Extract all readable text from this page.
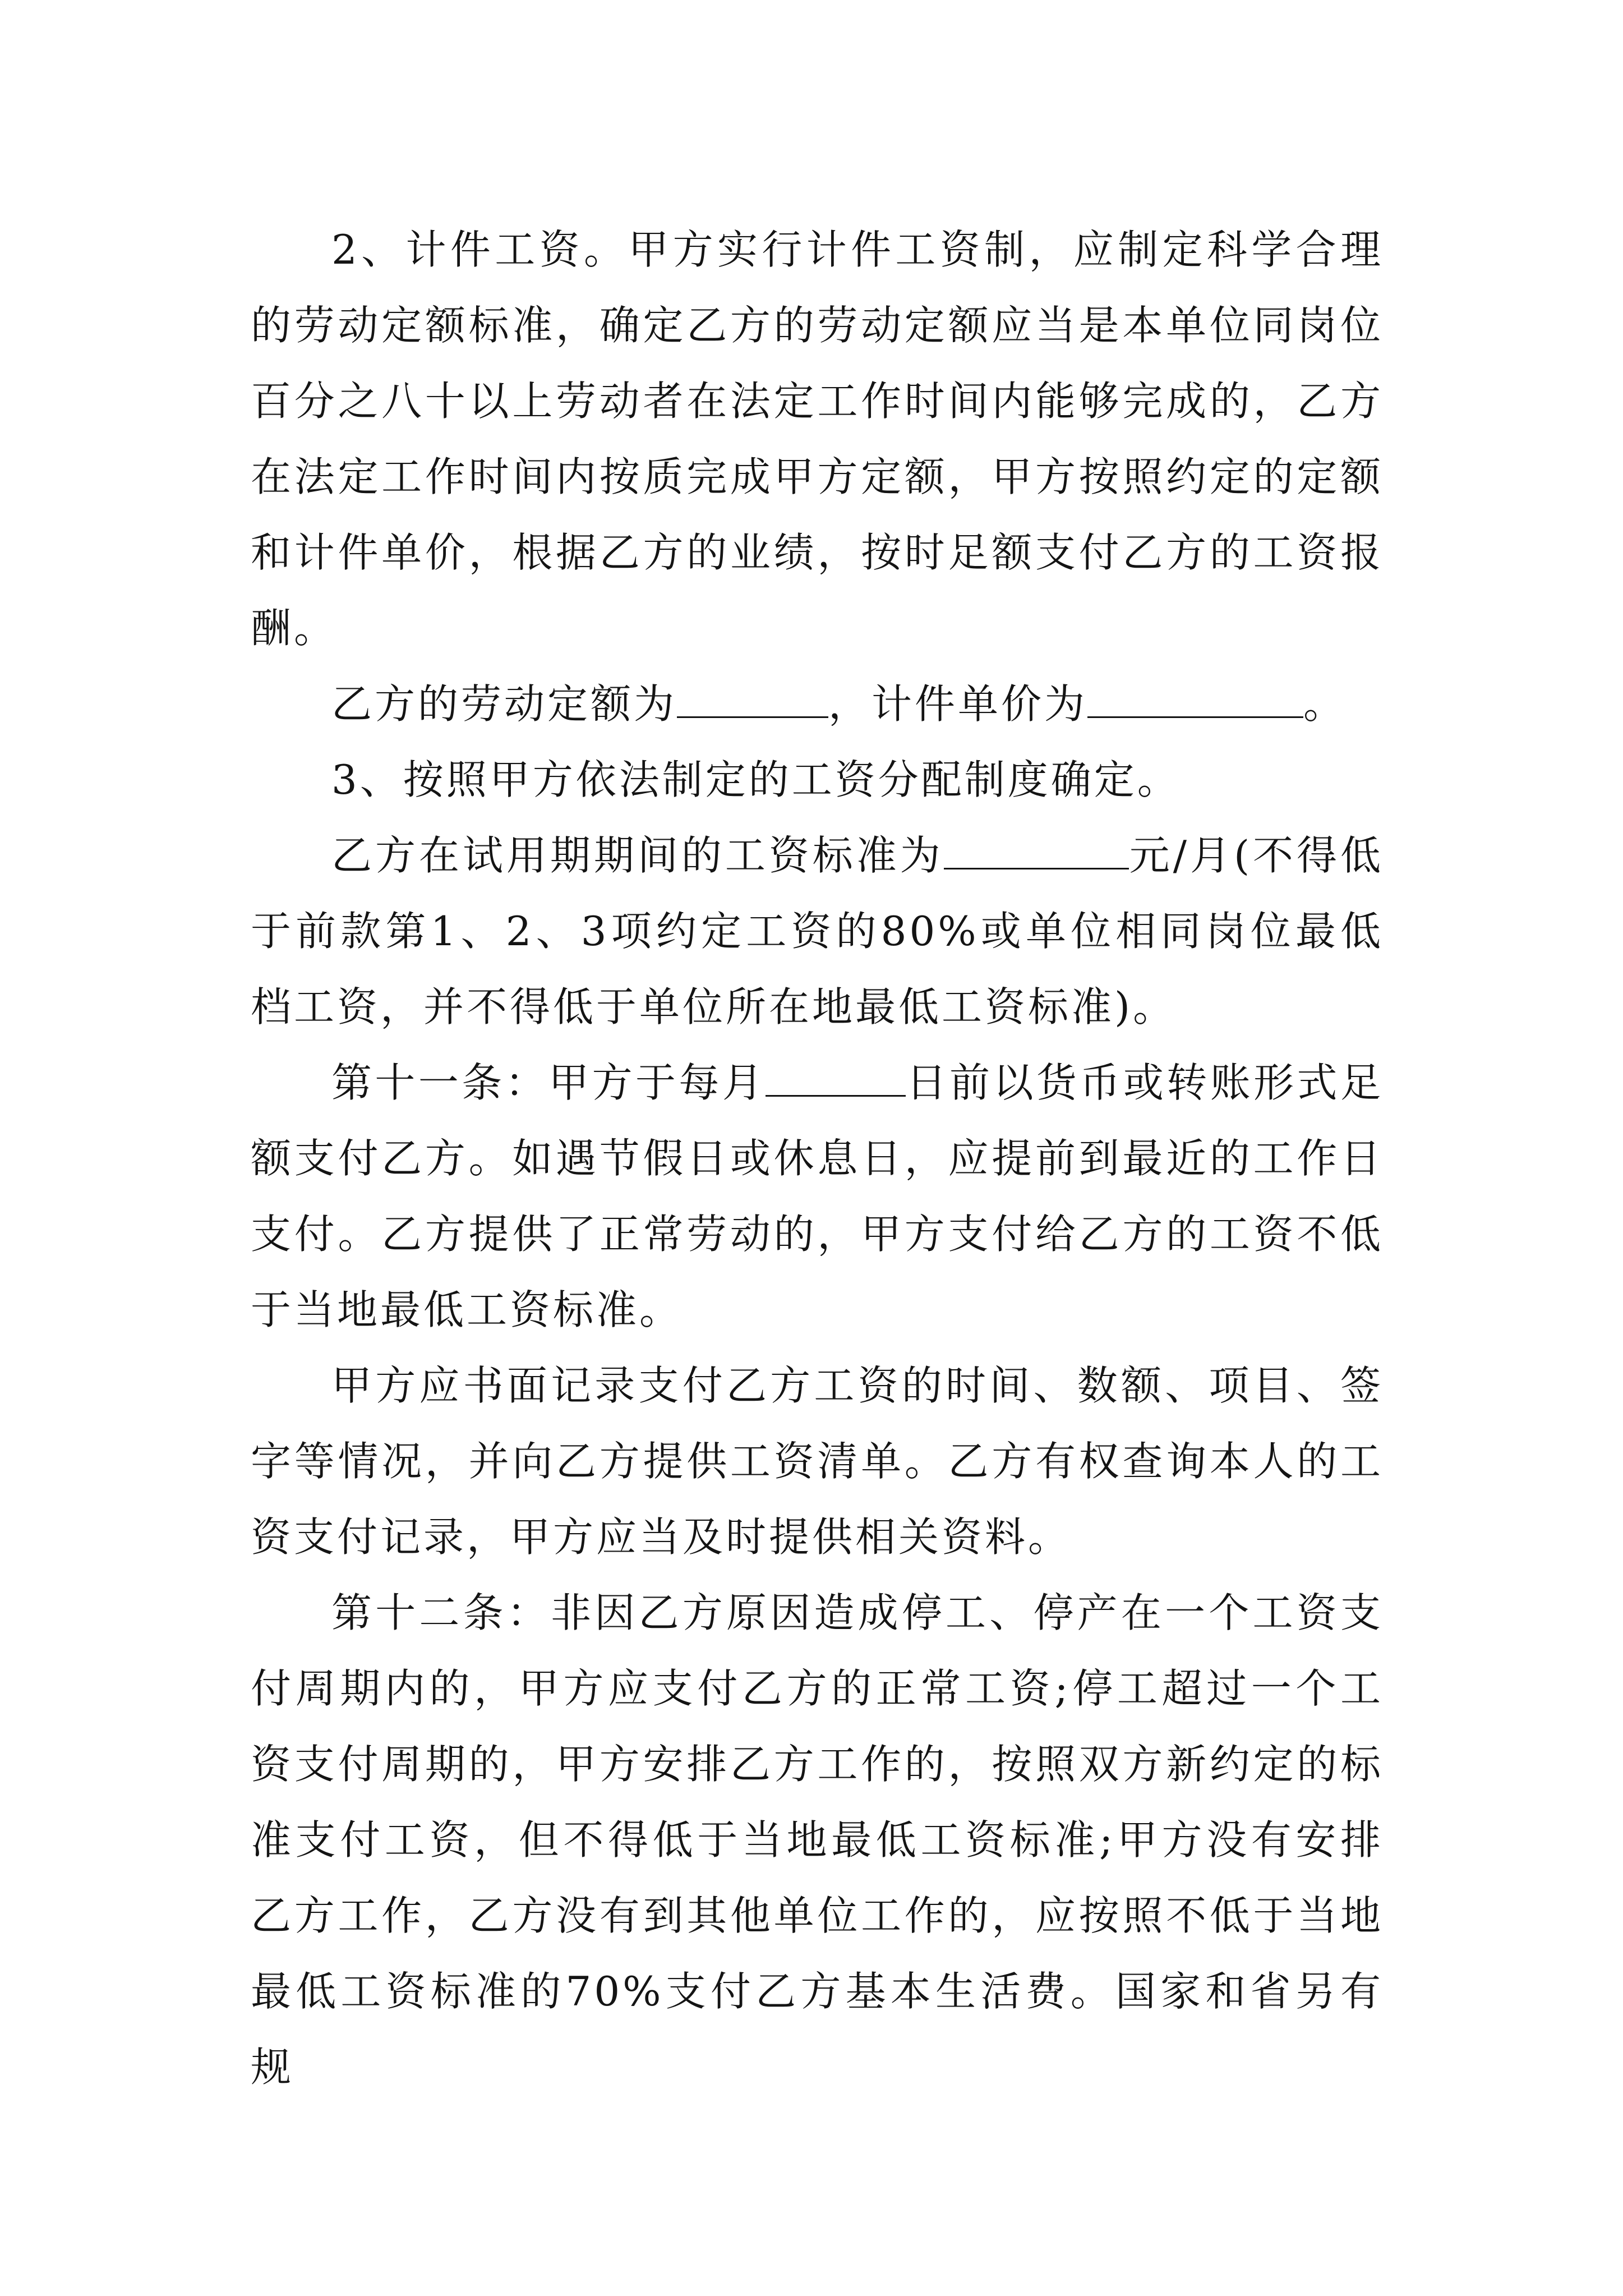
2、计件工资。甲方实行计件工资制，应制定科学合理的劳动定额标准，确定乙方的劳动定额应当是本单位同岗位百分之八十以上劳动者在法定工作时间内能够完成的，乙方在法定工作时间内按质完成甲方定额，甲方按照约定的定额和计件单价，根据乙方的业绩，按时足额支付乙方的工资报酬。

乙方的劳动定额为	，计件单价为	。

3、按照甲方依法制定的工资分配制度确定。

乙方在试用期期间的工资标准为	元/月(不得低于前款第1、2、3项约定工资的80%或单位相同岗位最低档工资，并不得低于单位所在地最低工资标准)。

第十一条：甲方于每月	日前以货币或转账形式足额支付乙方。如遇节假日或休息日，应提前到最近的工作日支付。乙方提供了正常劳动的，甲方支付给乙方的工资不低于当地最低工资标准。

甲方应书面记录支付乙方工资的时间、数额、项目、签字等情况，并向乙方提供工资清单。乙方有权查询本人的工资支付记录，甲方应当及时提供相关资料。

第十二条：非因乙方原因造成停工、停产在一个工资支付周期内的，甲方应支付乙方的正常工资;停工超过一个工资支付周期的，甲方安排乙方工作的，按照双方新约定的标准支付工资，但不得低于当地最低工资标准;甲方没有安排乙方工作，乙方没有到其他单位工作的，应按照不低于当地最低工资标准的70%支付乙方基本生活费。国家和省另有规
